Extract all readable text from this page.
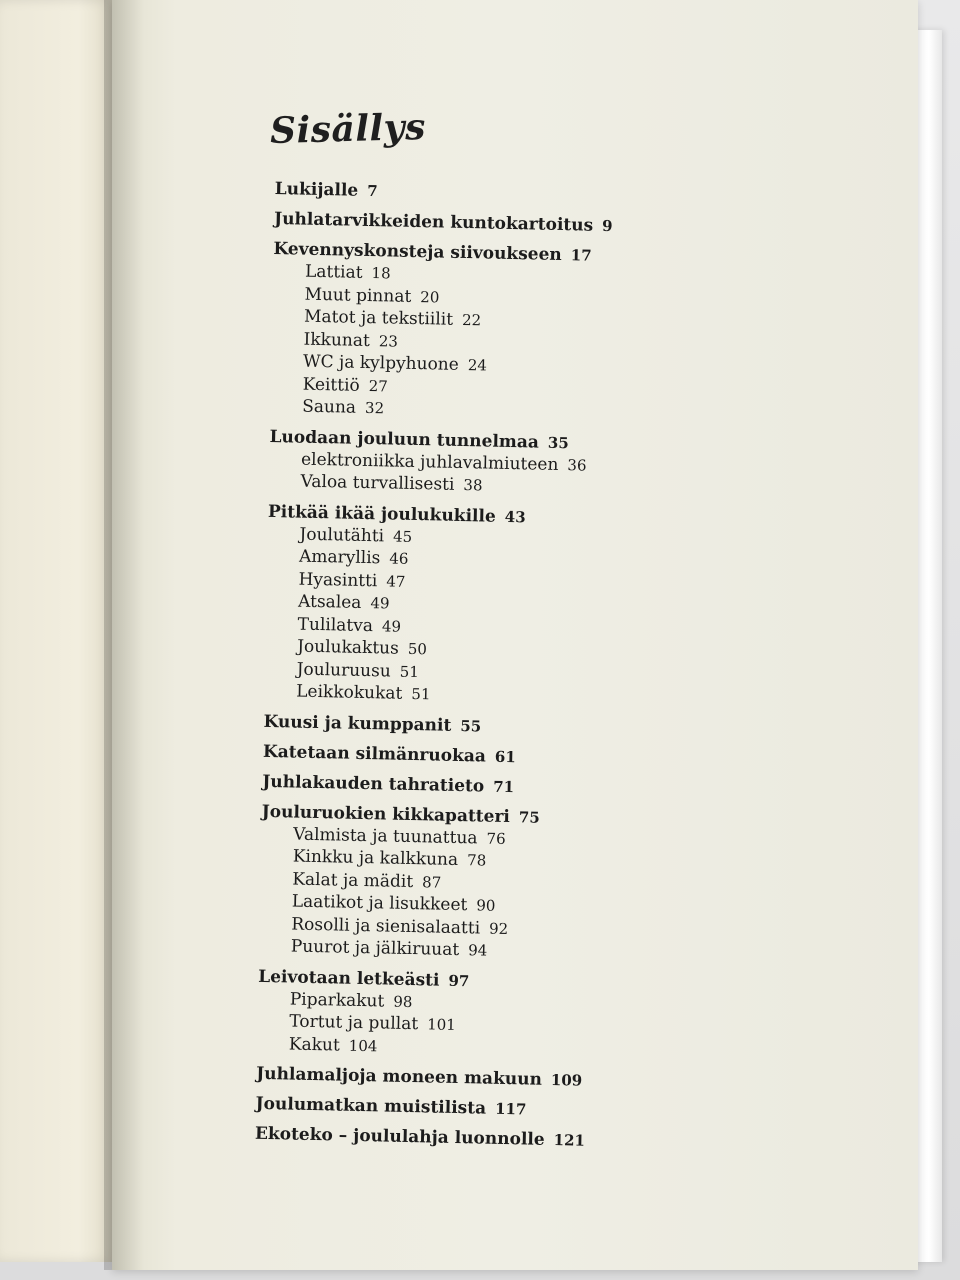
Sisällys
Lukijalle 7
Juhlatarvikkeiden kuntokartoitus 9
Kevennyskonsteja siivoukseen 17
Lattiat 18
Muut pinnat 20
Matot ja tekstiilit 22
Ikkunat 23
WC ja kylpyhuone 24
Keittiö 27
Sauna 32
Luodaan jouluun tunnelmaa 35
elektroniikka juhlavalmiuteen 36
Valoa turvallisesti 38
Pitkää ikää joulukukille 43
Joulutähti 45
Amaryllis 46
Hyasintti 47
Atsalea 49
Tulilatva 49
Joulukaktus 50
Jouluruusu 51
Leikkokukat 51
Kuusi ja kumppanit 55
Katetaan silmänruokaa 61
Juhlakauden tahratieto 71
Jouluruokien kikkapatteri 75
Valmista ja tuunattua 76
Kinkku ja kalkkuna 78
Kalat ja mädit 87
Laatikot ja lisukkeet 90
Rosolli ja sienisalaatti 92
Puurot ja jälkiruuat 94
Leivotaan letkeästi 97
Piparkakut 98
Tortut ja pullat 101
Kakut 104
Juhlamaljoja moneen makuun 109
Joulumatkan muistilista 117
Ekoteko – joululahja luonnolle 121
